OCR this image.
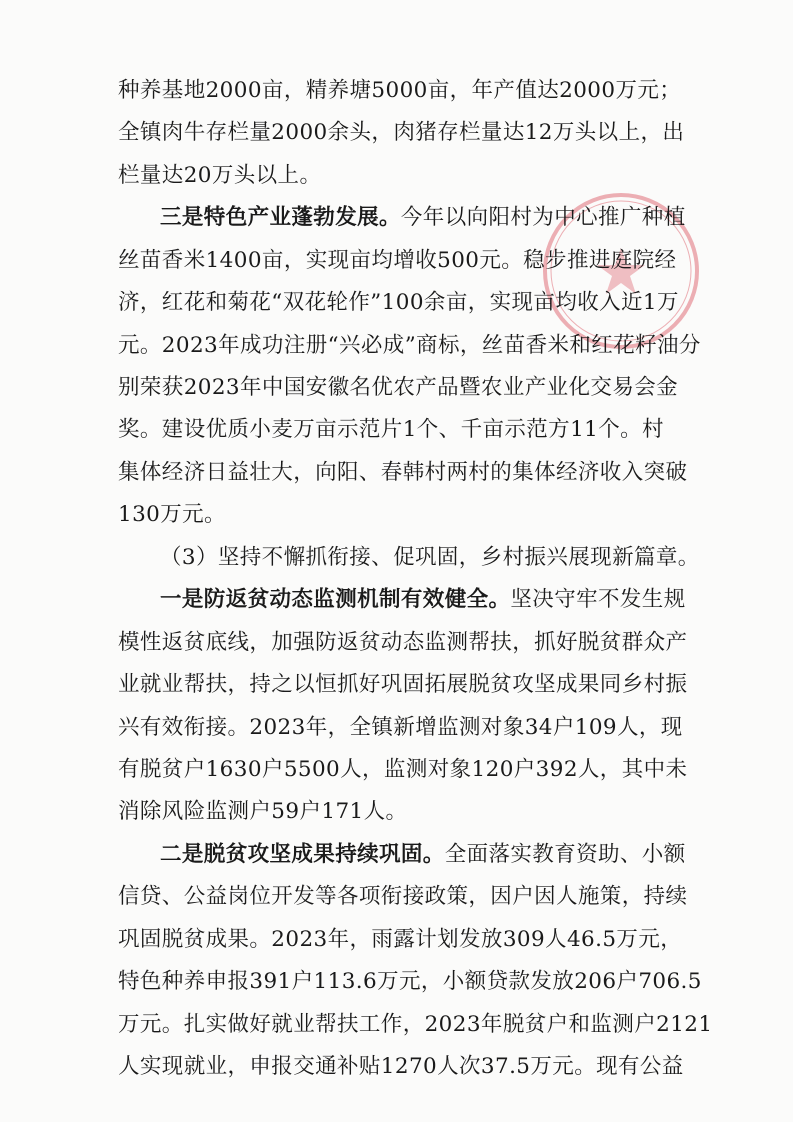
种养基地2000亩，精养塘5000亩，年产值达2000万元；
全镇肉牛存栏量2000余头，肉猪存栏量达12万头以上，出
栏量达20万头以上。
三是特色产业蓬勃发展。今年以向阳村为中心推广种植
丝苗香米1400亩，实现亩均增收500元。稳步推进庭院经
济，红花和菊花“双花轮作”100余亩，实现亩均收入近1万
元。2023年成功注册“兴必成”商标，丝苗香米和红花籽油分
别荣获2023年中国安徽名优农产品暨农业产业化交易会金
奖。建设优质小麦万亩示范片1个、千亩示范方11个。村
集体经济日益壮大，向阳、春韩村两村的集体经济收入突破
130万元。
（3）坚持不懈抓衔接、促巩固，乡村振兴展现新篇章。
一是防返贫动态监测机制有效健全。坚决守牢不发生规
模性返贫底线，加强防返贫动态监测帮扶，抓好脱贫群众产
业就业帮扶，持之以恒抓好巩固拓展脱贫攻坚成果同乡村振
兴有效衔接。2023年，全镇新增监测对象34户109人，现
有脱贫户1630户5500人，监测对象120户392人，其中未
消除风险监测户59户171人。
二是脱贫攻坚成果持续巩固。全面落实教育资助、小额
信贷、公益岗位开发等各项衔接政策，因户因人施策，持续
巩固脱贫成果。2023年，雨露计划发放309人46.5万元，
特色种养申报391户113.6万元，小额贷款发放206户706.5
万元。扎实做好就业帮扶工作，2023年脱贫户和监测户2121
人实现就业，申报交通补贴1270人次37.5万元。现有公益
